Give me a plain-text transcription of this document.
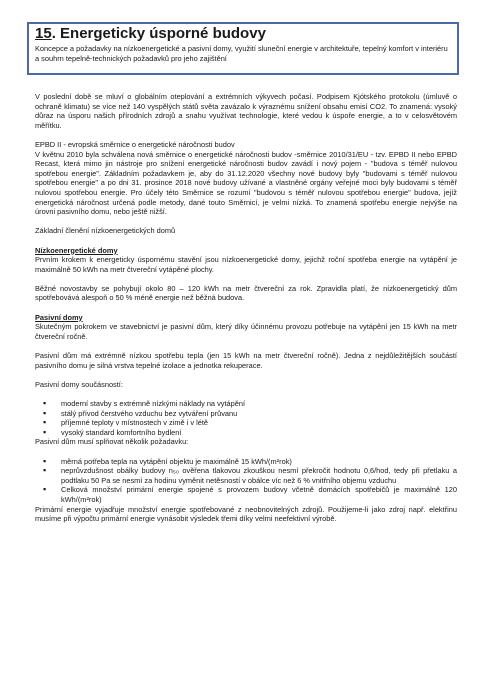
15. Energeticky úsporné budovy
Koncepce a požadavky na nízkoenergetické a pasivní domy, využití sluneční energie v architektuře, tepelný komfort v interiéru a souhrn tepelně-technických požadavků pro jeho zajištění

V poslední době se mluví o globálním oteplování a extrémních výkyvech počasí. Podpisem Kjótského protokolu (úmluvě o ochraně klimatu) se více než 140 vyspělých států světa zavázalo k výraznému snížení obsahu emisí CO2. To znamená: vysoký důraz na úsporu našich přírodních zdrojů a snahu využívat technologie, které vedou k úspoře energie, a to v celosvětovém měřítku.

EPBD II - evropská směrnice o energetické náročnosti budov

V květnu 2010 byla schválena nová směrnice o energetické náročnosti budov -směrnice 2010/31/EU - tzv. EPBD II nebo EPBD Recast, která mimo jin nástroje pro snížení energetické náročnosti budov zavádí i nový pojem - "budova s téměř nulovou spotřebou energie". Základním požadavkem je, aby do 31.12.2020 všechny nové budovy byly "budovami s téměř nulovou spotřebou energie" a po dni 31. prosince 2018 nové budovy užívané a vlastněné orgány veřejné moci byly budovami s téměř nulovou spotřebou energie. Pro účely této Směrnice se rozumí "budovou s téměř nulovou spotřebou energie" budova, jejíž energetická náročnost určená podle metody, dané touto Směrnicí, je velmi nízká. To znamená spotřebu energie nejvýše na úrovni pasivního domu, nebo ještě nižší.

Základní členění nízkoenergetických domů

Nízkoenergetické domy

Prvním krokem k energeticky úspornému stavění jsou nízkoenergetické domy, jejichž roční spotřeba energie na vytápění je maximálně 50 kWh na metr čtvereční vytápěné plochy.

Běžné novostavby se pohybují okolo 80 – 120 kWh na metr čtvereční za rok. Zpravidla platí, že nízkoenergetický dům spotřebovává alespoň o 50 % méně energie než běžná budova.

Pasivní domy

Skutečným pokrokem ve stavebnictví je pasivní dům, který díky účinnému provozu potřebuje na vytápění jen 15 kWh na metr čtvereční ročně.

Pasivní dům má extrémně nízkou spotřebu tepla (jen 15 kWh na metr čtvereční ročně). Jedna z nejdůležitějších součástí pasivního domu je silná vrstva tepelné izolace a jednotka rekuperace.

Pasivní domy součásností:

▪ moderní stavby s extrémně nízkými náklady na vytápění
▪ stálý přívod čerstvého vzduchu bez vytváření průvanu
▪ příjemné teploty v místnostech v zimě i v létě
▪ vysoký standard komfortního bydlení

Pasivní dům musí splňovat několik požadavku:

▪ měrná potřeba tepla na vytápění objektu je maximálně 15 kWh/(m²rok)
▪ neprůvzdušnost obálky budovy n₅₀ ověřena tlakovou zkouškou nesmí překročit hodnotu 0,6/hod, tedy při přetlaku a podtlaku 50 Pa se nesmí za hodinu vyměnit netěsností v obálce víc než 6 % vnitřního objemu vzduchu
▪ Celková množství primární energie spojené s provozem budovy včetně domácích spotřebičů je maximálně 120 kWh/(m²rok)

Primární energie vyjadřuje množství energie spotřebované z neobnovitelných zdrojů. Použijeme-li jako zdroj např. elektřinu musíme při výpočtu primární energie vynásobit výsledek třemi díky velmi neefektivní výrobě.
